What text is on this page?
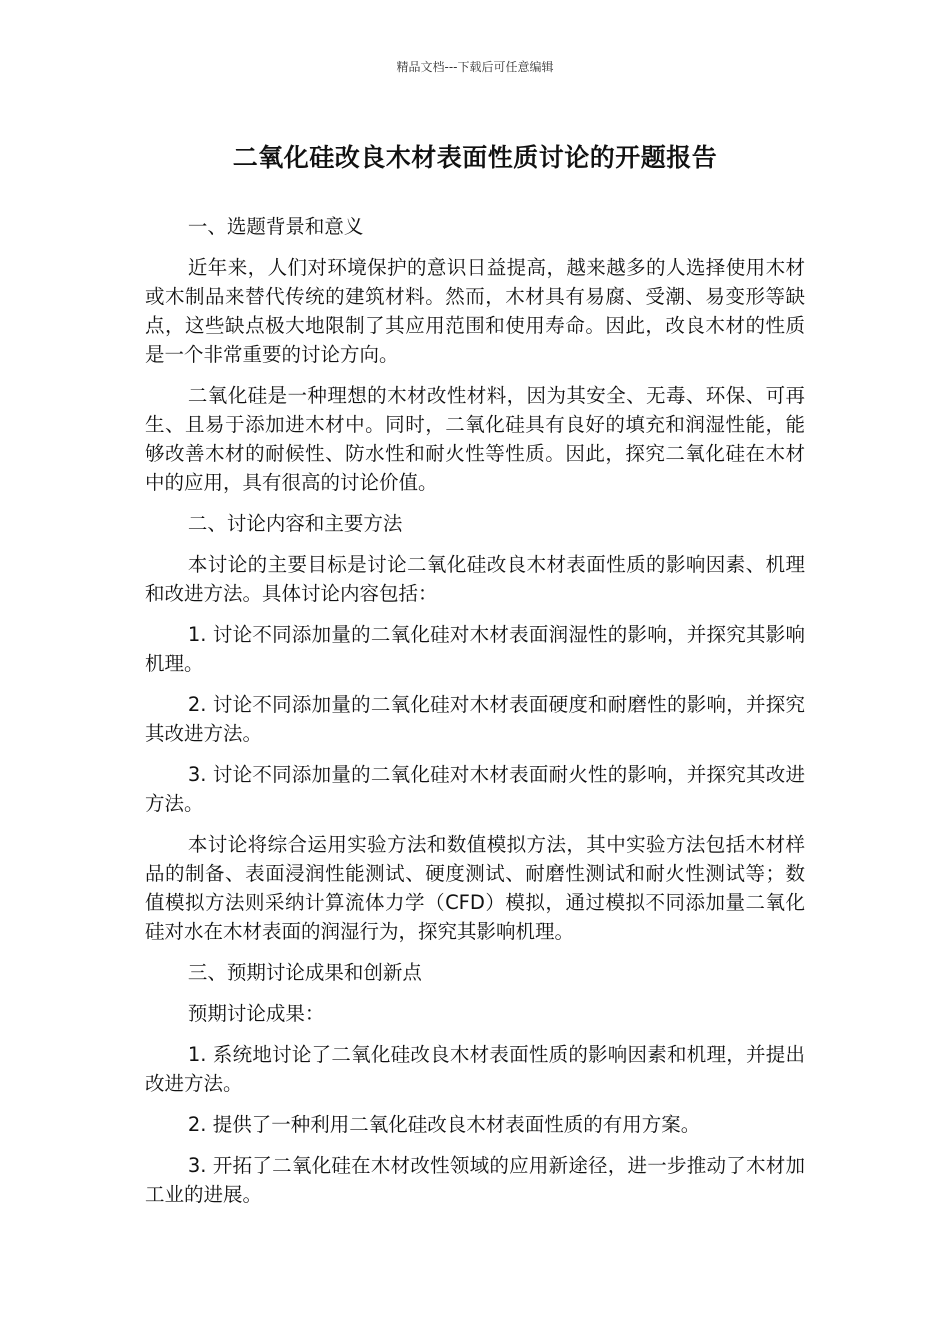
精品文档---下载后可任意编辑
二氧化硅改良木材表面性质讨论的开题报告

一、选题背景和意义

近年来，人们对环境保护的意识日益提高，越来越多的人选择使用木材或木制品来替代传统的建筑材料。然而，木材具有易腐、受潮、易变形等缺点，这些缺点极大地限制了其应用范围和使用寿命。因此，改良木材的性质是一个非常重要的讨论方向。

二氧化硅是一种理想的木材改性材料，因为其安全、无毒、环保、可再生、且易于添加进木材中。同时，二氧化硅具有良好的填充和润湿性能，能够改善木材的耐候性、防水性和耐火性等性质。因此，探究二氧化硅在木材中的应用，具有很高的讨论价值。

二、讨论内容和主要方法

本讨论的主要目标是讨论二氧化硅改良木材表面性质的影响因素、机理和改进方法。具体讨论内容包括：

1. 讨论不同添加量的二氧化硅对木材表面润湿性的影响，并探究其影响机理。

2. 讨论不同添加量的二氧化硅对木材表面硬度和耐磨性的影响，并探究其改进方法。

3. 讨论不同添加量的二氧化硅对木材表面耐火性的影响，并探究其改进方法。

本讨论将综合运用实验方法和数值模拟方法，其中实验方法包括木材样品的制备、表面浸润性能测试、硬度测试、耐磨性测试和耐火性测试等；数值模拟方法则采纳计算流体力学（CFD）模拟，通过模拟不同添加量二氧化硅对水在木材表面的润湿行为，探究其影响机理。

三、预期讨论成果和创新点

预期讨论成果：

1. 系统地讨论了二氧化硅改良木材表面性质的影响因素和机理，并提出改进方法。

2. 提供了一种利用二氧化硅改良木材表面性质的有用方案。

3. 开拓了二氧化硅在木材改性领域的应用新途径，进一步推动了木材加工业的进展。
